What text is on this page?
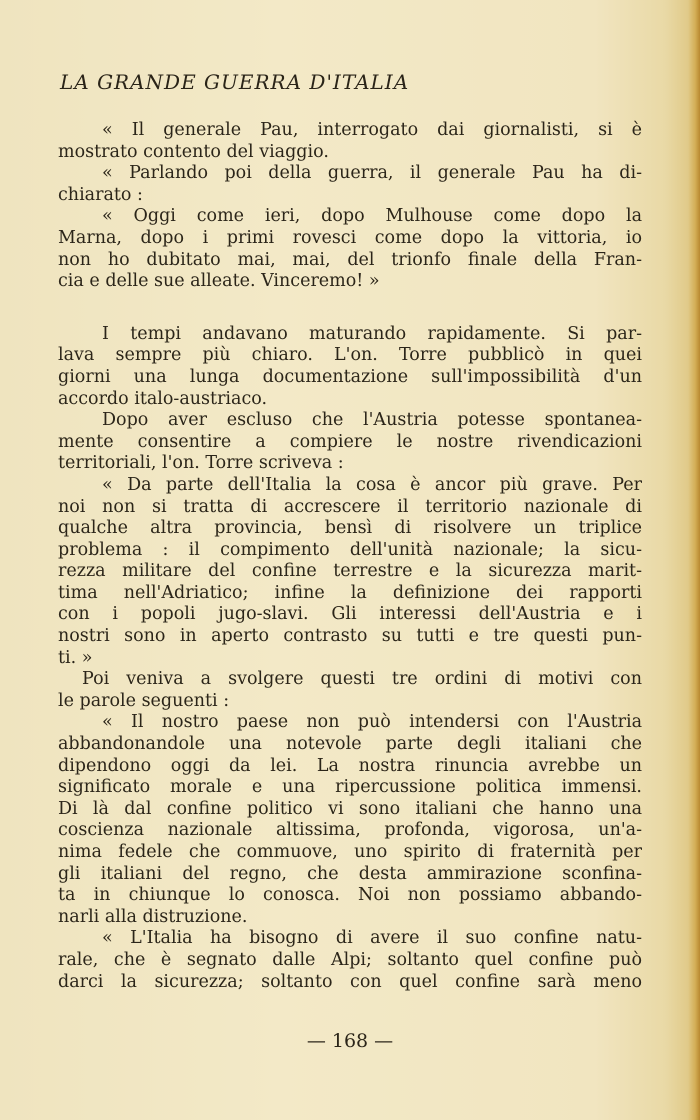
LA GRANDE GUERRA D'ITALIA
« Il generale Pau, interrogato dai giornalisti, si è
mostrato contento del viaggio.
« Parlando poi della guerra, il generale Pau ha di-
chiarato :
« Oggi come ieri, dopo Mulhouse come dopo la
Marna, dopo i primi rovesci come dopo la vittoria, io
non ho dubitato mai, mai, del trionfo finale della Fran-
cia e delle sue alleate. Vinceremo! »
I tempi andavano maturando rapidamente. Si par-
lava sempre più chiaro. L'on. Torre pubblicò in quei
giorni una lunga documentazione sull'impossibilità d'un
accordo italo-austriaco.
Dopo aver escluso che l'Austria potesse spontanea-
mente consentire a compiere le nostre rivendicazioni
territoriali, l'on. Torre scriveva :
« Da parte dell'Italia la cosa è ancor più grave. Per
noi non si tratta di accrescere il territorio nazionale di
qualche altra provincia, bensì di risolvere un triplice
problema : il compimento dell'unità nazionale; la sicu-
rezza militare del confine terrestre e la sicurezza marit-
tima nell'Adriatico; infine la definizione dei rapporti
con i popoli jugo-slavi. Gli interessi dell'Austria e i
nostri sono in aperto contrasto su tutti e tre questi pun-
ti. »
Poi veniva a svolgere questi tre ordini di motivi con
le parole seguenti :
« Il nostro paese non può intendersi con l'Austria
abbandonandole una notevole parte degli italiani che
dipendono oggi da lei. La nostra rinuncia avrebbe un
significato morale e una ripercussione politica immensi.
Di là dal confine politico vi sono italiani che hanno una
coscienza nazionale altissima, profonda, vigorosa, un'a-
nima fedele che commuove, uno spirito di fraternità per
gli italiani del regno, che desta ammirazione sconfina-
ta in chiunque lo conosca. Noi non possiamo abbando-
narli alla distruzione.
« L'Italia ha bisogno di avere il suo confine natu-
rale, che è segnato dalle Alpi; soltanto quel confine può
darci la sicurezza; soltanto con quel confine sarà meno
— 168 —
